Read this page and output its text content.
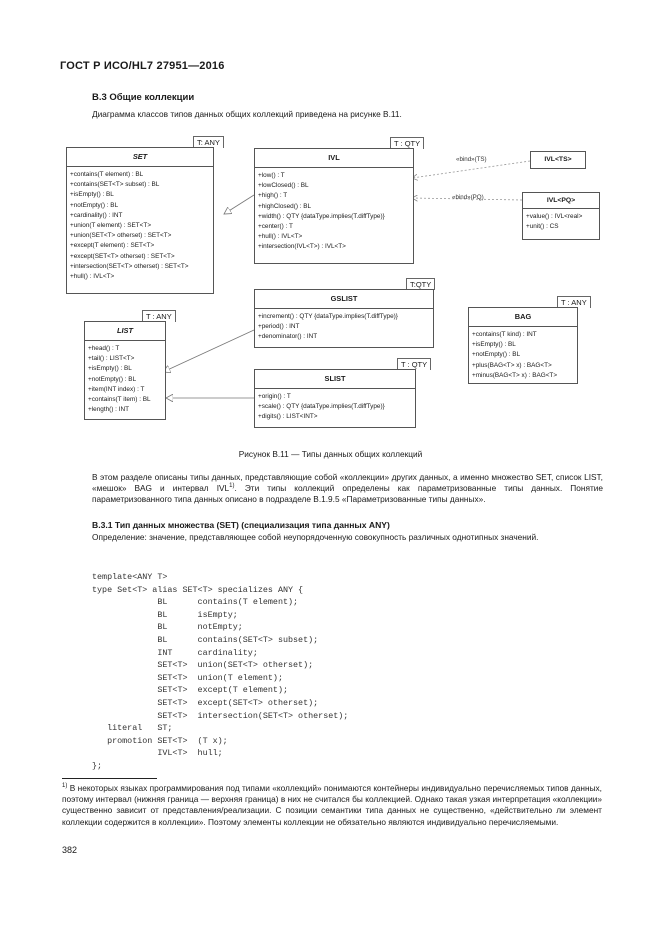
ГОСТ Р ИСО/HL7 27951—2016
B.3 Общие коллекции
Диаграмма классов типов данных общих коллекций приведена на рисунке B.11.
T: ANY
SET
+contains(T element) : BL
+contains(SET<T> subset) : BL
+isEmpty() : BL
+notEmpty() : BL
+cardinality() : INT
+union(T element) : SET<T>
+union(SET<T> otherset) : SET<T>
+except(T element) : SET<T>
+except(SET<T> otherset) : SET<T>
+intersection(SET<T> otherset) : SET<T>
+hull() : IVL<T>
T : QTY
IVL
+low() : T
+lowClosed() : BL
+high() : T
+highClosed() : BL
+width() : QTY {dataType.implies(T.diffType)}
+center() : T
+hull() : IVL<T>
+intersection(IVL<T>) : IVL<T>
«bind»(TS)
«bind»(PQ)
IVL<TS>
IVL<PQ>
+value() : IVL<real>
+unit() : CS
T:QTY
GSLIST
+increment() : QTY {dataType.implies(T.diffType)}
+period() : INT
+denominator() : INT
T : ANY
BAG
+contains(T kind) : INT
+isEmpty() : BL
+notEmpty() : BL
+plus(BAG<T> x) : BAG<T>
+minus(BAG<T> x) : BAG<T>
T : ANY
LIST
+head() : T
+tail() : LIST<T>
+isEmpty() : BL
+notEmpty() : BL
+item(INT index) : T
+contains(T item) : BL
+length() : INT
T : QTY
SLIST
+origin() : T
+scale() : QTY {dataType.implies(T.diffType)}
+digits() : LIST<INT>
Рисунок B.11 — Типы данных общих коллекций
В этом разделе описаны типы данных, представляющие собой «коллекции» других данных, а именно множество SET, список LIST, «мешок» BAG и интервал IVL$^{1)}$. Эти типы коллекций определены как параметризованные типы данных. Понятие параметризованного типа данных описано в подразделе B.1.9.5 «Параметризованные типы данных».
B.3.1 Тип данных множества (SET) (специализация типа данных ANY)
Определение: значение, представляющее собой неупорядоченную совокупность различных однотипных значений.
template<ANY T>
type Set<T> alias SET<T> specializes ANY {
BL      contains(T element);
BL      isEmpty;
BL      notEmpty;
BL      contains(SET<T> subset);
INT     cardinality;
SET<T>  union(SET<T> otherset);
SET<T>  union(T element);
SET<T>  except(T element);
SET<T>  except(SET<T> otherset);
SET<T>  intersection(SET<T> otherset);
literal   ST;
promotion SET<T>  (T x);
IVL<T>  hull;
};
$^{1)}$ В некоторых языках программирования под типами «коллекций» понимаются контейнеры индивидуально перечисляемых типов данных, поэтому интервал (нижняя граница — верхняя граница) в них не считался бы коллекцией. Однако такая узкая интерпретация «коллекции» существенно зависит от представления/реализации. С позиции семантики типа данных не существенно, «действительно ли элемент коллекции содержится в коллекции». Поэтому элементы коллекции не обязательно являются индивидуально перечисляемыми.
382
